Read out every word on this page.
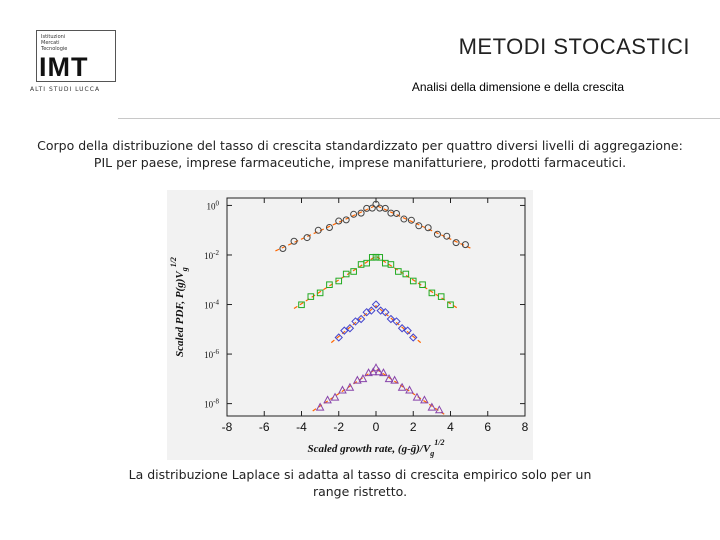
Istituzioni
Mercati
Tecnologie
IMT
ALTI STUDI LUCCA
METODI STOCASTICI
Analisi della dimensione e della crescita
Corpo della distribuzione del tasso di crescita standardizzato per quattro diversi livelli di aggregazione: PIL per paese, imprese farmaceutiche, imprese manifatturiere, prodotti farmaceutici.
-8 -6 -4 -2 0	2	4	6	8
$10^0$
$10^{-2}$
$10^{-4}$
$10^{-6}$
$10^{-8}$
Scaled growth rate, $(g-ḡ)/V_g^{1/2}$
Scaled PDF, $P(g)V_g^{1/2}$
La distribuzione Laplace si adatta al tasso di crescita empirico solo per un range ristretto.
